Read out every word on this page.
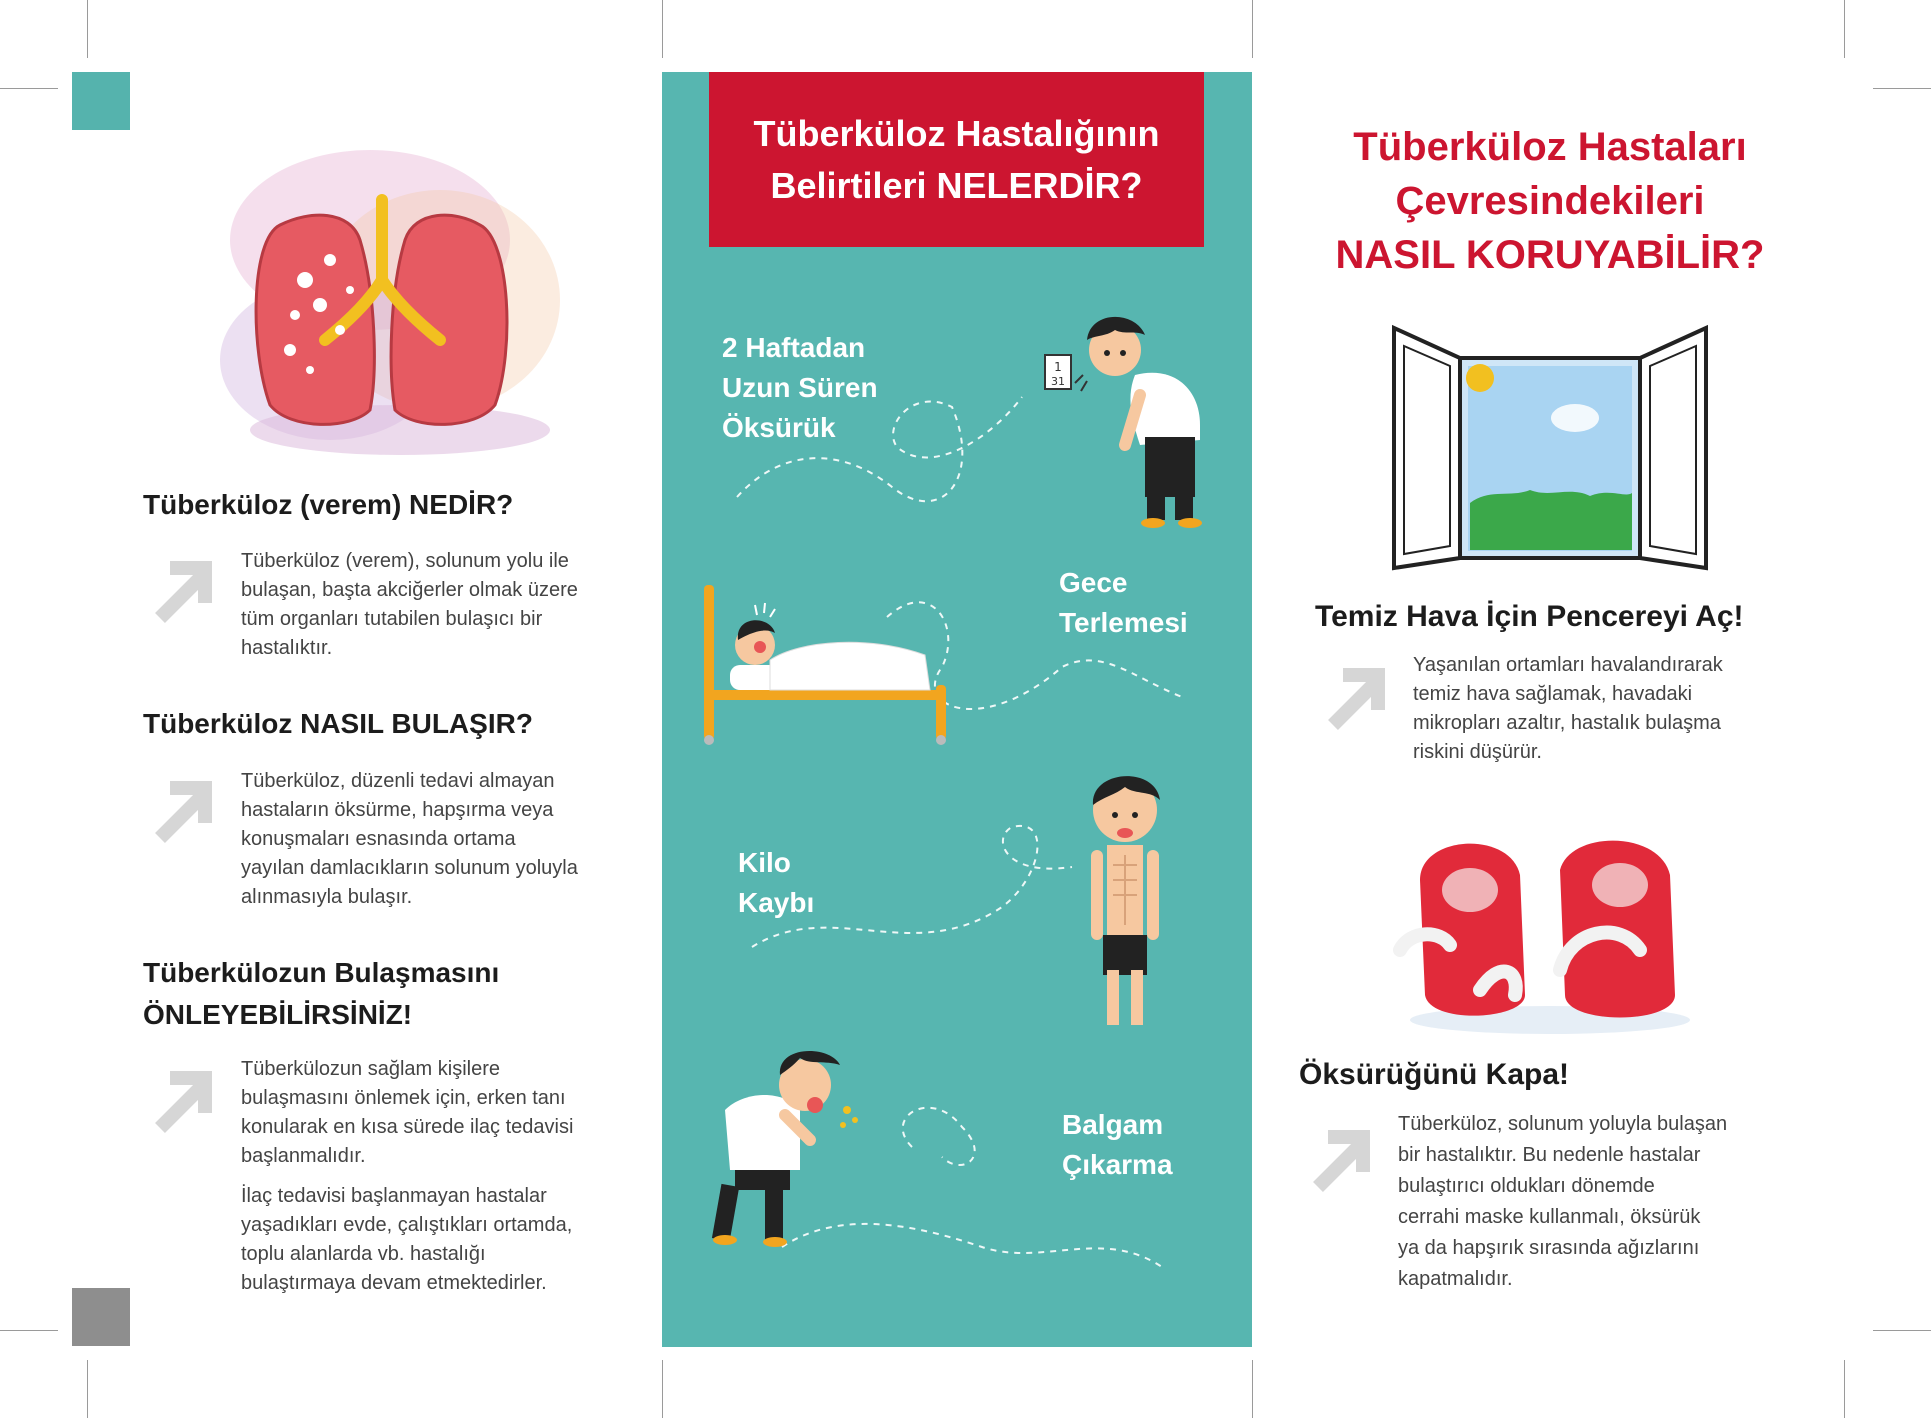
Tüberküloz (verem) NEDİR?
Tüberküloz (verem), solunum yolu ile
bulaşan, başta akciğerler olmak üzere
tüm organları tutabilen bulaşıcı bir
hastalıktır.
Tüberküloz NASIL BULAŞIR?
Tüberküloz, düzenli tedavi almayan
hastaların öksürme, hapşırma veya
konuşmaları esnasında ortama
yayılan damlacıkların solunum yoluyla
alınmasıyla bulaşır.
Tüberkülozun Bulaşmasını
ÖNLEYEBİLİRSİNİZ!
Tüberkülozun sağlam kişilere
bulaşmasını önlemek için, erken tanı
konularak en kısa sürede ilaç tedavisi
başlanmalıdır.
İlaç tedavisi başlanmayan hastalar
yaşadıkları evde, çalıştıkları ortamda,
toplu alanlarda vb. hastalığı
bulaştırmaya devam etmektedirler.
Tüberküloz Hastalığının
Belirtileri NELERDİR?
2 Haftadan
Uzun Süren
Öksürük
1
31
Gece
Terlemesi
Kilo
Kaybı
Balgam
Çıkarma
Tüberküloz Hastaları
Çevresindekileri
NASIL KORUYABİLİR?
Temiz Hava İçin Pencereyi Aç!
Yaşanılan ortamları havalandırarak
temiz hava sağlamak, havadaki
mikropları azaltır, hastalık bulaşma
riskini düşürür.
Öksürüğünü Kapa!
Tüberküloz, solunum yoluyla bulaşan
bir hastalıktır. Bu nedenle hastalar
bulaştırıcı oldukları dönemde
cerrahi maske kullanmalı, öksürük
ya da hapşırık sırasında ağızlarını
kapatmalıdır.
